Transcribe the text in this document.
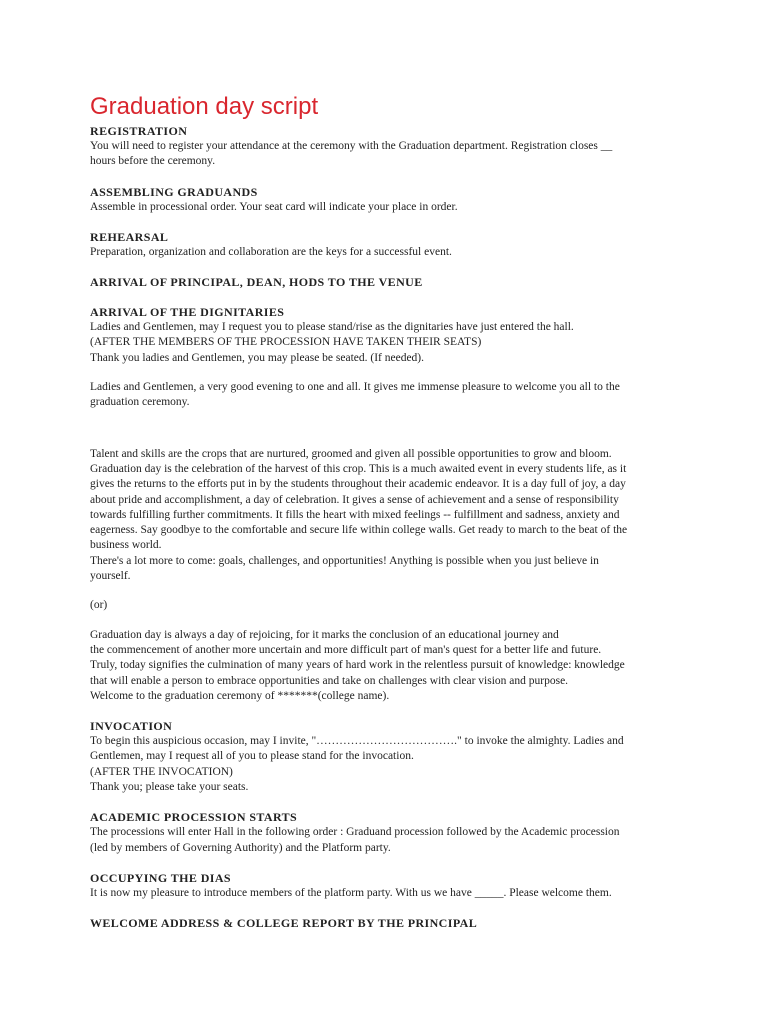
Graduation day script
REGISTRATION
You will need to register your attendance at the ceremony with the Graduation department. Registration closes __
hours before the ceremony.
ASSEMBLING GRADUANDS
Assemble in processional order. Your seat card will indicate your place in order.
REHEARSAL
Preparation, organization and collaboration are the keys for a successful event.
ARRIVAL OF PRINCIPAL, DEAN, HODS TO THE VENUE
ARRIVAL OF THE DIGNITARIES
Ladies and Gentlemen, may I request you to please stand/rise as the dignitaries have just entered the hall.
(AFTER THE MEMBERS OF THE PROCESSION HAVE TAKEN THEIR SEATS)
Thank you ladies and Gentlemen, you may please be seated. (If needed).
Ladies and Gentlemen, a very good evening to one and all. It gives me immense pleasure to welcome you all to the
graduation ceremony.
Talent and skills are the crops that are nurtured, groomed and given all possible opportunities to grow and bloom.
Graduation day is the celebration of the harvest of this crop. This is a much awaited event in every students life, as it
gives the returns to the efforts put in by the students throughout their academic endeavor. It is a day full of joy, a day
about pride and accomplishment, a day of celebration. It gives a sense of achievement and a sense of responsibility
towards fulfilling further commitments. It fills the heart with mixed feelings -- fulfillment and sadness, anxiety and
eagerness. Say goodbye to the comfortable and secure life within college walls. Get ready to march to the beat of the
business world.
There's a lot more to come: goals, challenges, and opportunities! Anything is possible when you just believe in
yourself.
(or)
Graduation day is always a day of rejoicing, for it marks the conclusion of an educational journey and
the commencement of another more uncertain and more difficult part of man's quest for a better life and future.
Truly, today signifies the culmination of many years of hard work in the relentless pursuit of knowledge: knowledge
that will enable a person to embrace opportunities and take on challenges with clear vision and purpose.
Welcome to the graduation ceremony of *******(college name).
INVOCATION
To begin this auspicious occasion, may I invite, "………………………………." to invoke the almighty. Ladies and
Gentlemen, may I request all of you to please stand for the invocation.
(AFTER THE INVOCATION)
Thank you; please take your seats.
ACADEMIC PROCESSION STARTS
The processions will enter Hall in the following order : Graduand procession followed by the Academic procession
(led by members of Governing Authority) and the Platform party.
OCCUPYING THE DIAS
It is now my pleasure to introduce members of the platform party. With us we have _____. Please welcome them.
WELCOME ADDRESS & COLLEGE REPORT BY THE PRINCIPAL
